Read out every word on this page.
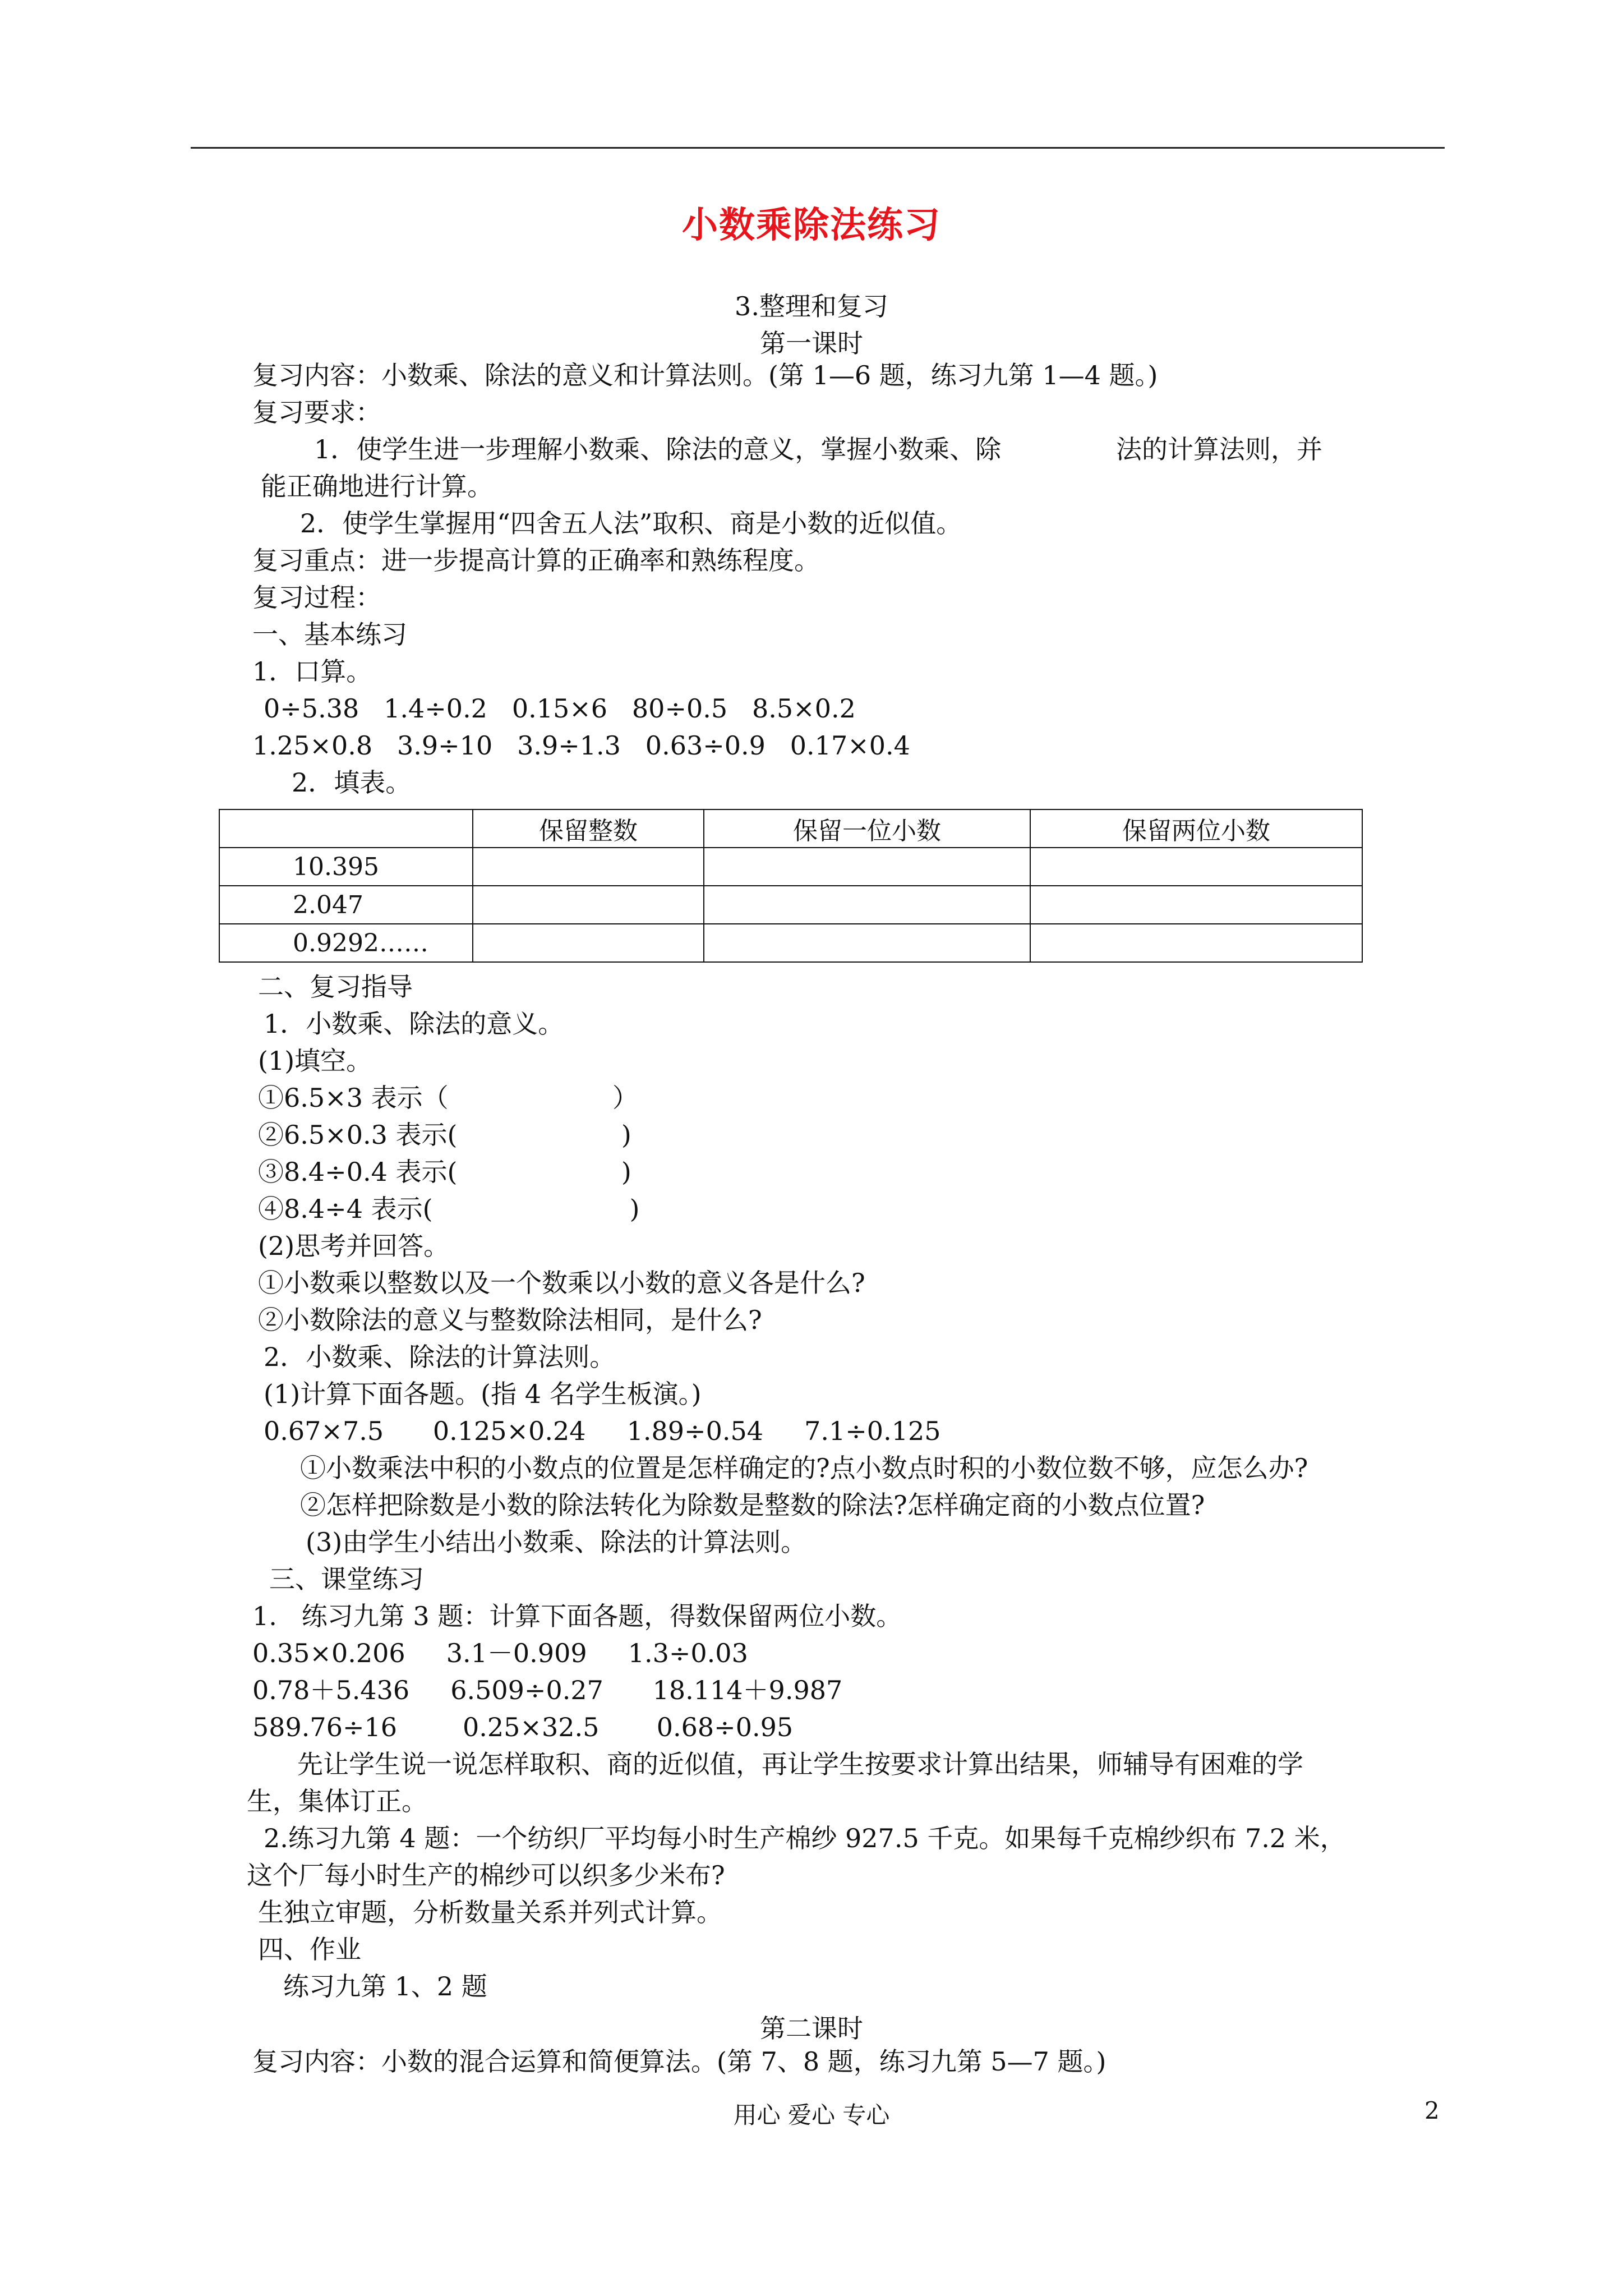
小数乘除法练习
3.整理和复习
第一课时
复习内容：小数乘、除法的意义和计算法则。(第 1—6 题，练习九第 1—4 题。)
复习要求：
1．使学生进一步理解小数乘、除法的意义，掌握小数乘、除              法的计算法则，并
能正确地进行计算。
2．使学生掌握用“四舍五人法”取积、商是小数的近似值。
复习重点：进一步提高计算的正确率和熟练程度。
复习过程：
一、基本练习
1．口算。
0÷5.38   1.4÷0.2   0.15×6   80÷0.5   8.5×0.2
1.25×0.8   3.9÷10   3.9÷1.3   0.63÷0.9   0.17×0.4
2．填表。
	保留整数	保留一位小数	保留两位小数
10.395			
2.047			
0.9292……			
二、复习指导
1．小数乘、除法的意义。
(1)填空。
①6.5×3 表示（                    ）
②6.5×0.3 表示(                    )
③8.4÷0.4 表示(                    )
④8.4÷4 表示(                        )
(2)思考并回答。
①小数乘以整数以及一个数乘以小数的意义各是什么?
②小数除法的意义与整数除法相同，是什么?
2．小数乘、除法的计算法则。
(1)计算下面各题。(指 4 名学生板演。)
0.67×7.5      0.125×0.24     1.89÷0.54     7.1÷0.125
①小数乘法中积的小数点的位置是怎样确定的?点小数点时积的小数位数不够，应怎么办?
②怎样把除数是小数的除法转化为除数是整数的除法?怎样确定商的小数点位置?
(3)由学生小结出小数乘、除法的计算法则。
三、课堂练习
1.   练习九第 3 题：计算下面各题，得数保留两位小数。
0.35×0.206     3.1－0.909     1.3÷0.03
0.78＋5.436     6.509÷0.27      18.114＋9.987
589.76÷16        0.25×32.5       0.68÷0.95
先让学生说一说怎样取积、商的近似值，再让学生按要求计算出结果，师辅导有困难的学
生，集体订正。
2.练习九第 4 题：一个纺织厂平均每小时生产棉纱 927.5 千克。如果每千克棉纱织布 7.2 米，
这个厂每小时生产的棉纱可以织多少米布?
生独立审题，分析数量关系并列式计算。
四、作业
练习九第 1、2 题
第二课时
复习内容：小数的混合运算和简便算法。(第 7、8 题，练习九第 5—7 题。)
用心 爱心 专心	2
